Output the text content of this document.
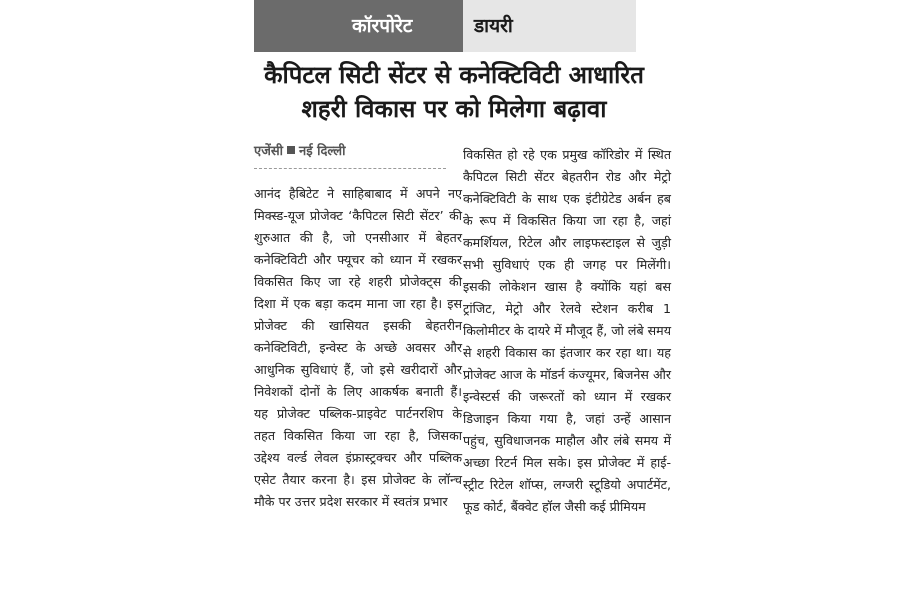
कॉरपोरेट	डायरी
कैपिटल सिटी सेंटर से कनेक्टिविटी आधारित शहरी विकास पर को मिलेगा बढ़ावा
एजेंसी नई दिल्ली

आनंद हैबिटेट ने साहिबाबाद में अपने नए मिक्स्ड-यूज प्रोजेक्ट ‘कैपिटल सिटी सेंटर’ की शुरुआत की है, जो एनसीआर में बेहतर कनेक्टिविटी और फ्यूचर को ध्यान में रखकर विकसित किए जा रहे शहरी प्रोजेक्ट्स की दिशा में एक बड़ा कदम माना जा रहा है। इस प्रोजेक्ट की खासियत इसकी बेहतरीन कनेक्टिविटी, इन्वेस्ट के अच्छे अवसर और आधुनिक सुविधाएं हैं, जो इसे खरीदारों और निवेशकों दोनों के लिए आकर्षक बनाती हैं। यह प्रोजेक्ट पब्लिक-प्राइवेट पार्टनरशिप के तहत विकसित किया जा रहा है, जिसका उद्देश्य वर्ल्ड लेवल इंफ्रास्ट्रक्चर और पब्लिक एसेट तैयार करना है। इस प्रोजेक्ट के लॉन्च मौके पर उत्तर प्रदेश सरकार में स्वतंत्र प्रभार

विकसित हो रहे एक प्रमुख कॉरिडोर में स्थित कैपिटल सिटी सेंटर बेहतरीन रोड और मेट्रो कनेक्टिविटी के साथ एक इंटीग्रेटेड अर्बन हब के रूप में विकसित किया जा रहा है, जहां कमर्शियल, रिटेल और लाइफस्टाइल से जुड़ी सभी सुविधाएं एक ही जगह पर मिलेंगी। इसकी लोकेशन खास है क्योंकि यहां बस ट्रांजिट, मेट्रो और रेलवे स्टेशन करीब 1 किलोमीटर के दायरे में मौजूद हैं, जो लंबे समय से शहरी विकास का इंतजार कर रहा था। यह प्रोजेक्ट आज के मॉडर्न कंज्यूमर, बिजनेस और इन्वेस्टर्स की जरूरतों को ध्यान में रखकर डिजाइन किया गया है, जहां उन्हें आसान पहुंच, सुविधाजनक माहौल और लंबे समय में अच्छा रिटर्न मिल सके। इस प्रोजेक्ट में हाई-स्ट्रीट रिटेल शॉप्स, लग्जरी स्टूडियो अपार्टमेंट, फूड कोर्ट, बैंक्वेट हॉल जैसी कई प्रीमियम
